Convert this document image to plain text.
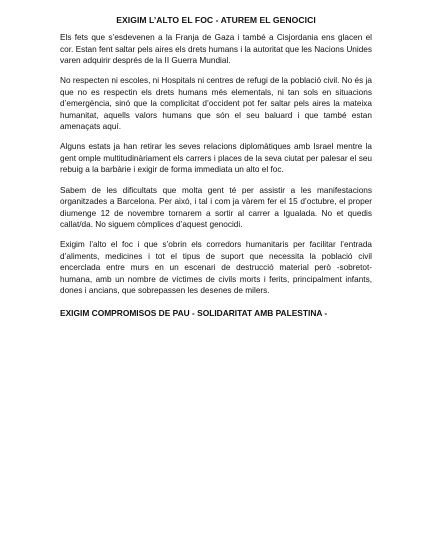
EXIGIM L’ALTO EL FOC - ATUREM EL GENOCICI

Els fets que s’esdevenen a la Franja de Gaza i també a Cisjordania ens glacen el cor. Estan fent saltar pels aires els drets humans i la autoritat que les Nacions Unides varen adquirir després de la II Guerra Mundial.

No respecten ni escoles, ni Hospitals ni centres de refugi de la població civil. No és ja que no es respectin els drets humans més elementals, ni tan sols en situacions d’emergència, sinó que la complicitat d’occident pot fer saltar pels aires la mateixa humanitat, aquells valors humans que són el seu baluard i que també estan amenaçats aquí.

Alguns estats ja han retirar les seves relacions diplomàtiques amb Israel mentre la gent omple multitudinàriament els carrers i places de la seva ciutat per palesar el seu rebuig a la barbàrie i exigir de forma immediata un alto el foc.

Sabem de les dificultats que molta gent té per assistir a les manifestacions organitzades a Barcelona. Per això, i tal i com ja vàrem fer el 15 d’octubre, el proper diumenge 12 de novembre tornarem a sortir al carrer a Igualada. No et quedis callat/da. No siguem còmplices d’aquest genocidi.

Exigim l’alto el foc i que s’obrin els corredors humanitaris per facilitar l’entrada d’aliments, medicines i tot el tipus de suport que necessita la població civil encerclada entre murs en un escenari de destrucció material però -sobretot- humana, amb un nombre de víctimes de civils morts i ferits, principalment infants, dones i ancians, que sobrepassen les desenes de milers.

EXIGIM COMPROMISOS DE PAU - SOLIDARITAT AMB PALESTINA -
